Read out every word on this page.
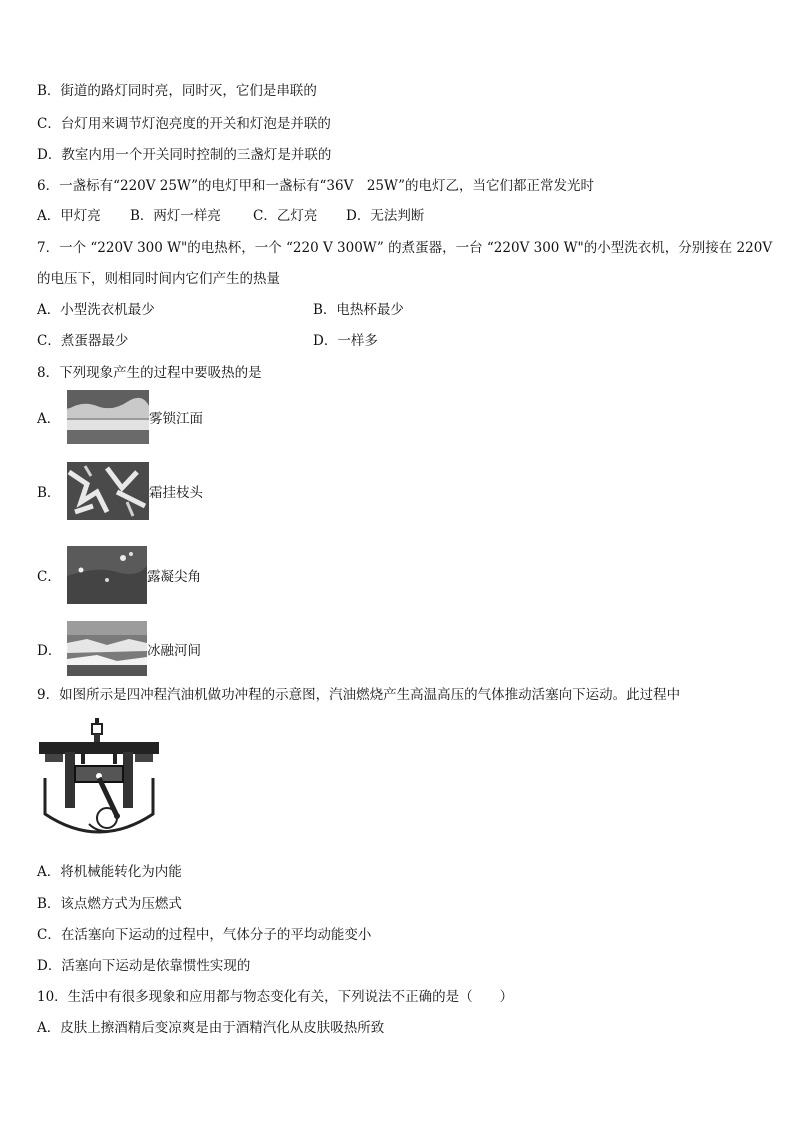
B．街道的路灯同时亮，同时灭，它们是串联的
C．台灯用来调节灯泡亮度的开关和灯泡是并联的
D．教室内用一个开关同时控制的三盏灯是并联的
6．一盏标有“220V 25W”的电灯甲和一盏标有“36V　25W”的电灯乙，当它们都正常发光时
A．甲灯亮 B．两灯一样亮 C．乙灯亮 D．无法判断
7．一个 “220V 300 W"的电热杯，一个 “220 V 300W” 的煮蛋器，一台 “220V 300 W"的小型洗衣机，分别接在 220V
的电压下，则相同时间内它们产生的热量
A．小型洗衣机最少	B．电热杯最少
C．煮蛋器最少	D．一样多
8．下列现象产生的过程中要吸热的是
A．	雾锁江面
B．	霜挂枝头
C．	露凝尖角
D．	冰融河间
9．如图所示是四冲程汽油机做功冲程的示意图，汽油燃烧产生高温高压的气体推动活塞向下运动。此过程中
A．将机械能转化为内能
B．该点燃方式为压燃式
C．在活塞向下运动的过程中，气体分子的平均动能变小
D．活塞向下运动是依靠惯性实现的
10．生活中有很多现象和应用都与物态变化有关，下列说法不正确的是（　　）
A．皮肤上擦酒精后变凉爽是由于酒精汽化从皮肤吸热所致
